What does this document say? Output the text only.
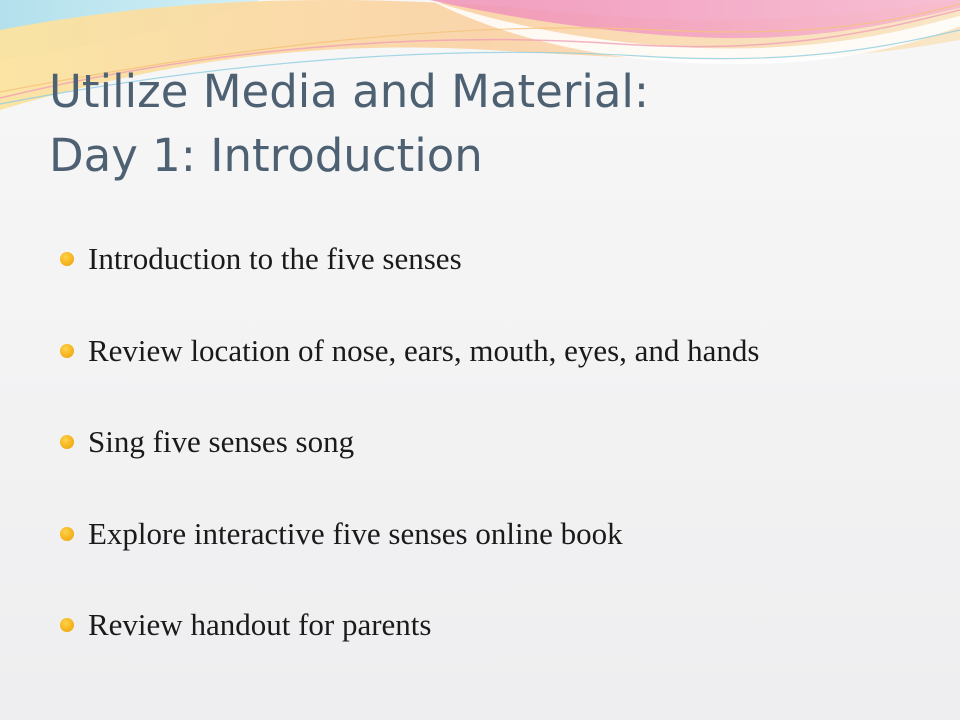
Utilize Media and Material:
Day 1: Introduction
Introduction to the five senses
Review location of nose, ears, mouth, eyes, and hands
Sing five senses song
Explore interactive five senses online book
Review handout for parents
